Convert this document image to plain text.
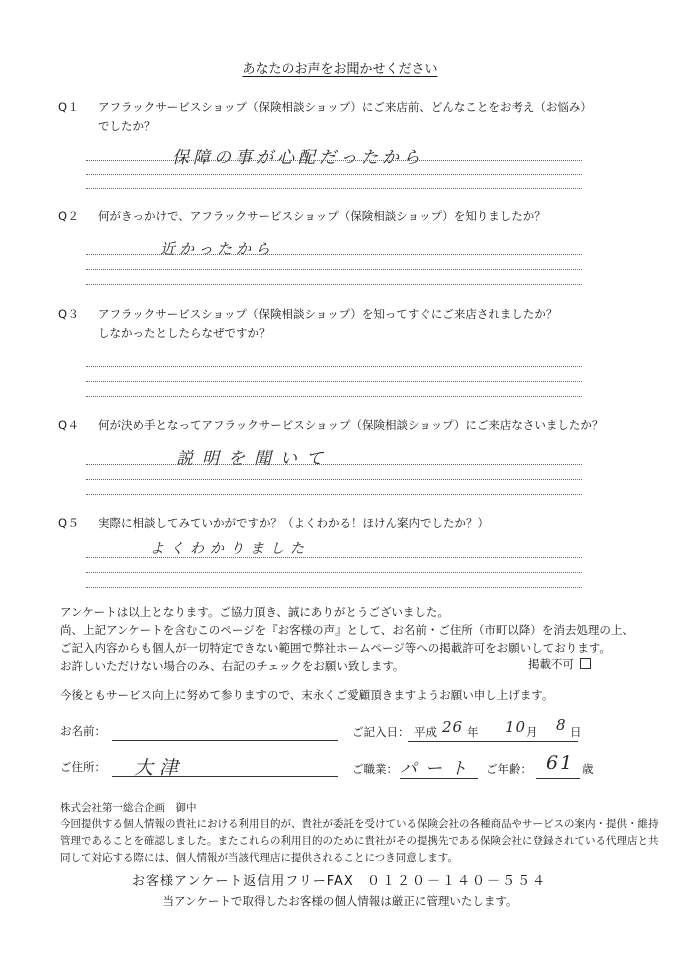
あなたのお声をお聞かせください
Q１ アフラックサービスショップ（保険相談ショップ）にご来店前、どんなことをお考え（お悩み）
でしたか？
保障の事が心配だったから
Q２ 何がきっかけで、アフラックサービスショップ（保険相談ショップ）を知りましたか？
近かったから
Q３ アフラックサービスショップ（保険相談ショップ）を知ってすぐにご来店されましたか？
しなかったとしたらなぜですか？
Q４ 何が決め手となってアフラックサービスショップ（保険相談ショップ）にご来店なさいましたか？
説明を聞いて
Q５ 実際に相談してみていかがですか？（よくわかる！ほけん案内でしたか？）
よくわかりました
アンケートは以上となります。ご協力頂き、誠にありがとうございました。
尚、上記アンケートを含むこのページを『お客様の声』として、お名前・ご住所（市町以降）を消去処理の上、
ご記入内容からも個人が一切特定できない範囲で弊社ホームページ等への掲載許可をお願いしております。
お許しいただけない場合のみ、右記のチェックをお願い致します。	掲載不可
今後ともサービス向上に努めて参りますので、末永くご愛顧頂きますようお願い申し上げます。
お名前：
ご住所： 大津
ご記入日： 平成 26 年 10 月 8 日
ご職業： パート ご年齢： 61 歳
株式会社第一総合企画　御中
今回提供する個人情報の貴社における利用目的が、貴社が委託を受けている保険会社の各種商品やサービスの案内・提供・維持
管理であることを確認しました。またこれらの利用目的のために貴社がその提携先である保険会社に登録されている代理店と共
同して対応する際には、個人情報が当該代理店に提供されることにつき同意します。
お客様アンケート返信用フリーFAX ０１２０－１４０－５５４
当アンケートで取得したお客様の個人情報は厳正に管理いたします。
